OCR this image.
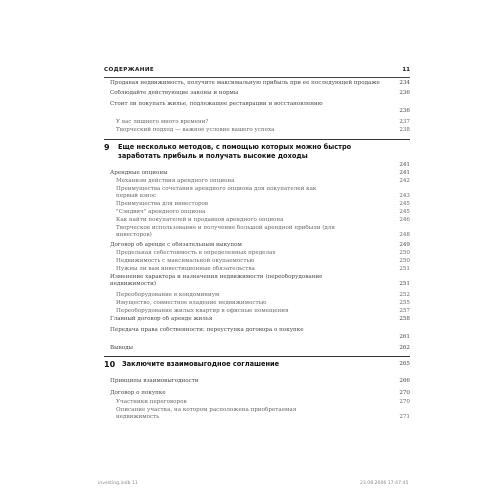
СОДЕРЖАНИЕ	11
Продавая недвижимость, получите максимальную прибыль при ее последующей продаже	234
Соблюдайте действующие законы и нормы	236
Стоит ли покупать жилье, подлежащее реставрации и восстановлению
236
У вас лишнего много времени?	237
Творческий подход — важное условие вашего успеха	238
9 Еще несколько методов, с помощью которых можно быстро заработать прибыль и получать высокие доходы
241
Арендные опционы	241
Механизм действия арендного опциона	242
Преимущества сочетания арендного опциона для покупателей как первый взнос	243
Преимущества для инвесторов	245
"Сэндвич" арендного опциона	245
Как найти покупателей и продавцов арендного опциона	246
Творческое использование и получение большой арендной прибыли (для инвесторов)	248
Договор об аренде с обязательным выкупом	249
Предельная себестоимость в определенных пределах	250
Недвижимость с максимальной окупаемостью	250
Нужны ли вам инвестиционные обязательства	251
Изменение характера и назначения недвижимости (переоборудование недвижимости)	251
Переоборудование в кондоминиум	252
Имущество, совместное владение недвижимостью	255
Переоборудование жилых квартир в офисные помещения	257
Главный договор об аренде жилья	258
Передача права собственности: переуступка договора о покупке
261
Выводы	262
10 Заключите взаимовыгодное соглашение	265
Принципы взаимовыгодности	266
Договор о покупке	270
Участники переговоров	270
Описание участка, на котором расположена приобретаемая недвижимость	271
investing.indb 11	23.08.2006 17:47:45
